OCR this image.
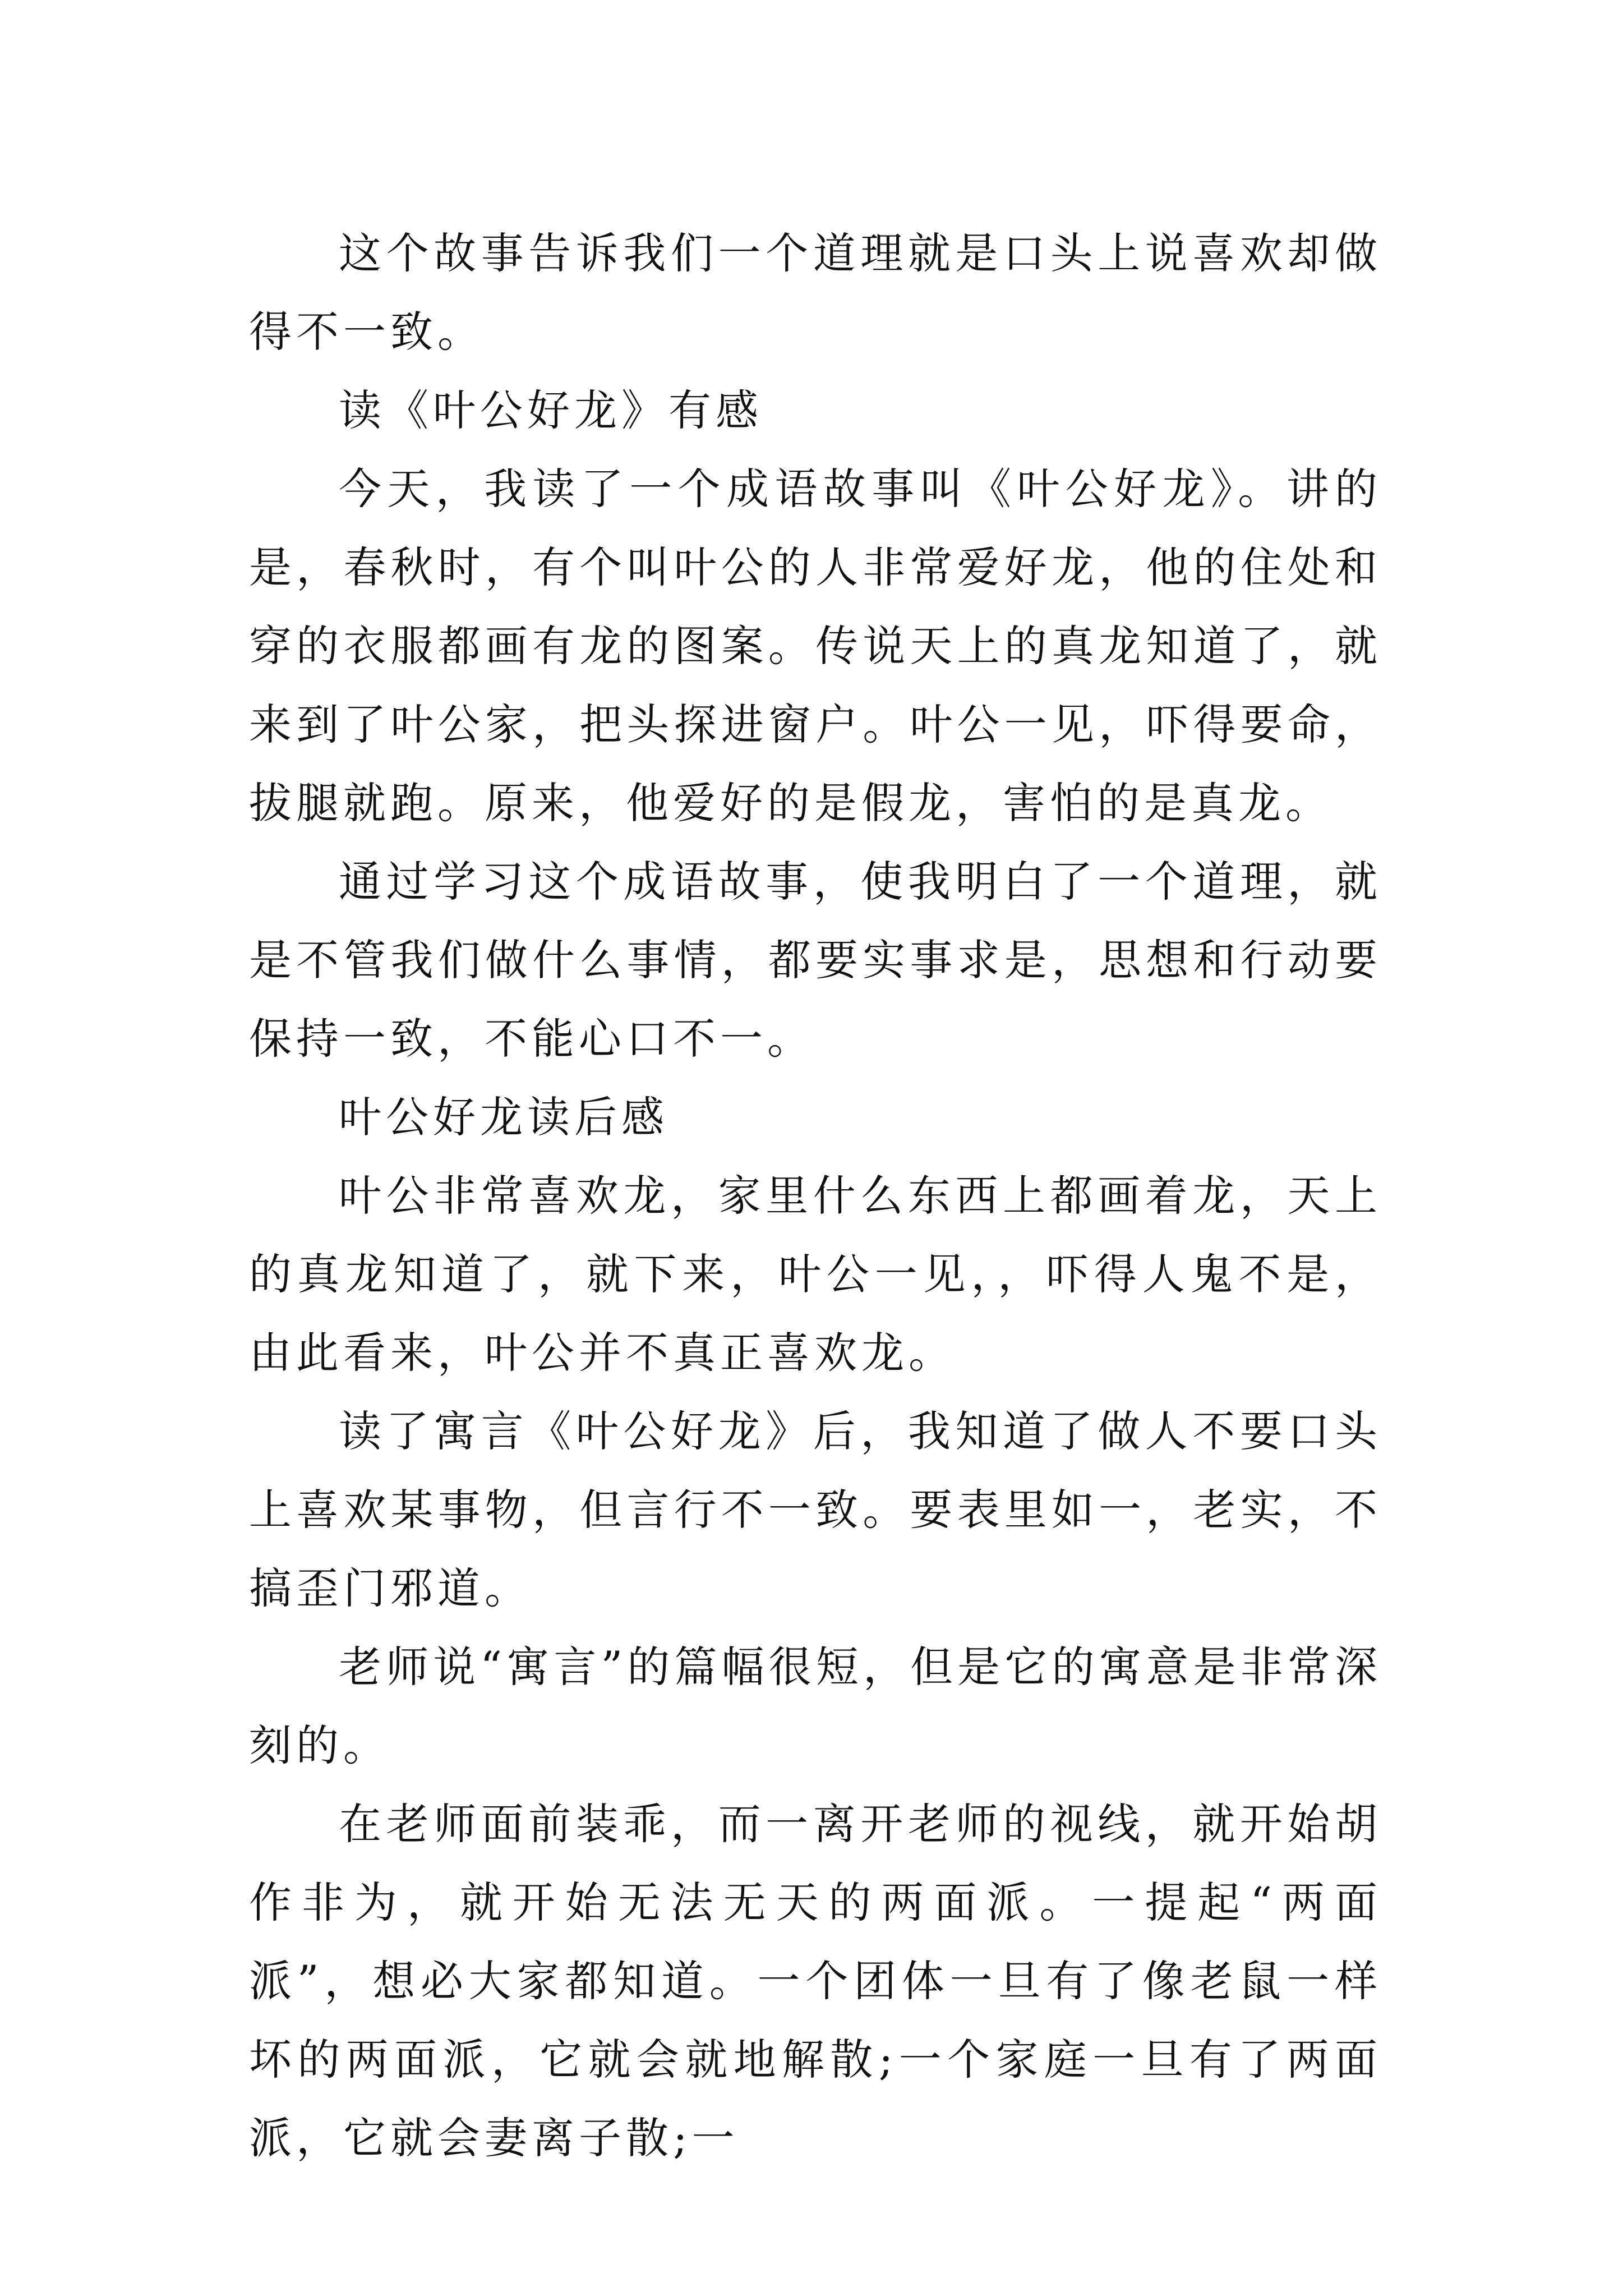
这个故事告诉我们一个道理就是口头上说喜欢却做得不一致。

读《叶公好龙》有感

今天，我读了一个成语故事叫《叶公好龙》。讲的是，春秋时，有个叫叶公的人非常爱好龙，他的住处和穿的衣服都画有龙的图案。传说天上的真龙知道了，就来到了叶公家，把头探进窗户。叶公一见，吓得要命，拔腿就跑。原来，他爱好的是假龙，害怕的是真龙。

通过学习这个成语故事，使我明白了一个道理，就是不管我们做什么事情，都要实事求是，思想和行动要保持一致，不能心口不一。

叶公好龙读后感

叶公非常喜欢龙，家里什么东西上都画着龙，天上的真龙知道了，就下来，叶公一见，，吓得人鬼不是，由此看来，叶公并不真正喜欢龙。

读了寓言《叶公好龙》后，我知道了做人不要口头上喜欢某事物，但言行不一致。要表里如一，老实，不搞歪门邪道。

老师说“寓言”的篇幅很短，但是它的寓意是非常深刻的。

在老师面前装乖，而一离开老师的视线，就开始胡作非为，就开始无法无天的两面派。一提起“两面派”，想必大家都知道。一个团体一旦有了像老鼠一样坏的两面派，它就会就地解散;一个家庭一旦有了两面派，它就会妻离子散;一
